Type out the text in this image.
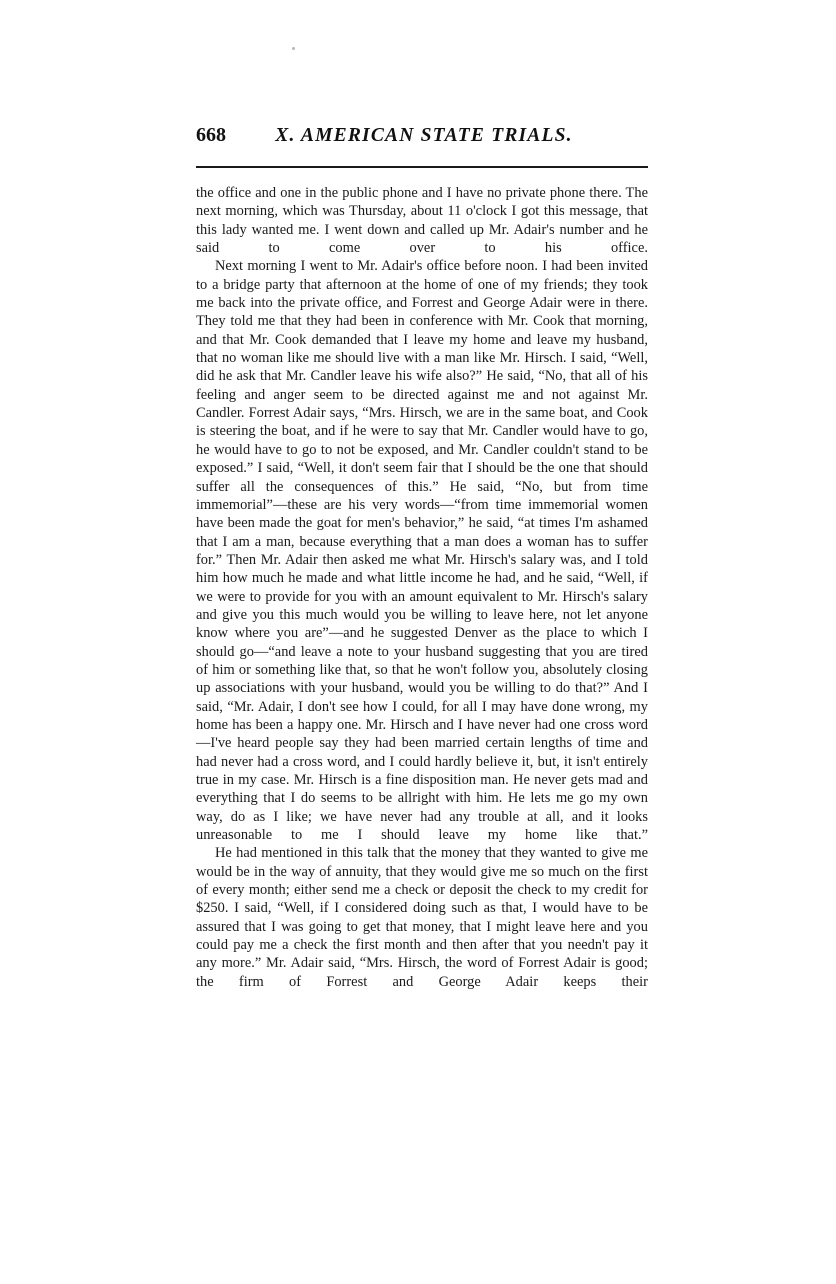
668	X. AMERICAN STATE TRIALS.

the office and one in the public phone and I have no private phone there. The next morning, which was Thursday, about 11 o'clock I got this message, that this lady wanted me. I went down and called up Mr. Adair's number and he said to come over to his office.

Next morning I went to Mr. Adair's office before noon. I had been invited to a bridge party that afternoon at the home of one of my friends; they took me back into the private office, and Forrest and George Adair were in there. They told me that they had been in conference with Mr. Cook that morning, and that Mr. Cook demanded that I leave my home and leave my husband, that no woman like me should live with a man like Mr. Hirsch. I said, “Well, did he ask that Mr. Candler leave his wife also?” He said, “No, that all of his feeling and anger seem to be directed against me and not against Mr. Candler. Forrest Adair says, “Mrs. Hirsch, we are in the same boat, and Cook is steering the boat, and if he were to say that Mr. Candler would have to go, he would have to go to not be exposed, and Mr. Candler couldn't stand to be exposed.” I said, “Well, it don't seem fair that I should be the one that should suffer all the consequences of this.” He said, “No, but from time immemorial”—these are his very words—“from time immemorial women have been made the goat for men's behavior,” he said, “at times I'm ashamed that I am a man, because everything that a man does a woman has to suffer for.” Then Mr. Adair then asked me what Mr. Hirsch's salary was, and I told him how much he made and what little income he had, and he said, “Well, if we were to provide for you with an amount equivalent to Mr. Hirsch's salary and give you this much would you be willing to leave here, not let anyone know where you are”—and he suggested Denver as the place to which I should go—“and leave a note to your husband suggesting that you are tired of him or something like that, so that he won't follow you, absolutely closing up associations with your husband, would you be willing to do that?” And I said, “Mr. Adair, I don't see how I could, for all I may have done wrong, my home has been a happy one. Mr. Hirsch and I have never had one cross word—I've heard people say they had been married certain lengths of time and had never had a cross word, and I could hardly believe it, but, it isn't entirely true in my case. Mr. Hirsch is a fine disposition man. He never gets mad and everything that I do seems to be allright with him. He lets me go my own way, do as I like; we have never had any trouble at all, and it looks unreasonable to me I should leave my home like that.”

He had mentioned in this talk that the money that they wanted to give me would be in the way of annuity, that they would give me so much on the first of every month; either send me a check or deposit the check to my credit for $250. I said, “Well, if I considered doing such as that, I would have to be assured that I was going to get that money, that I might leave here and you could pay me a check the first month and then after that you needn't pay it any more.” Mr. Adair said, “Mrs. Hirsch, the word of Forrest Adair is good; the firm of Forrest and George Adair keeps their
